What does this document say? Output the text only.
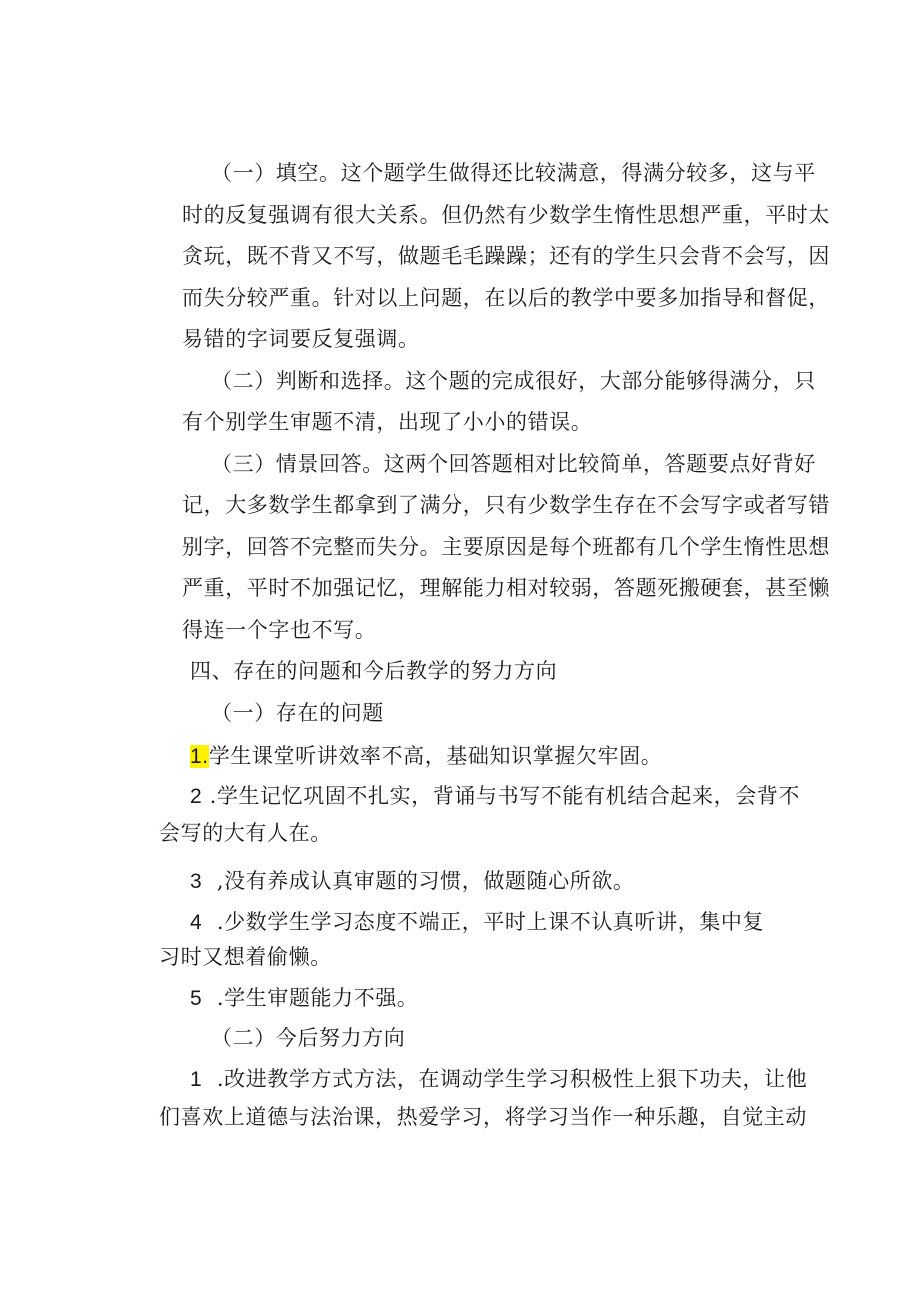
（一）填空。这个题学生做得还比较满意，得满分较多，这与平
时的反复强调有很大关系。但仍然有少数学生惰性思想严重，平时太
贪玩，既不背又不写，做题毛毛躁躁；还有的学生只会背不会写，因
而失分较严重。针对以上问题，在以后的教学中要多加指导和督促，
易错的字词要反复强调。
（二）判断和选择。这个题的完成很好，大部分能够得满分，只
有个别学生审题不清，出现了小小的错误。
（三）情景回答。这两个回答题相对比较简单，答题要点好背好
记，大多数学生都拿到了满分，只有少数学生存在不会写字或者写错
别字，回答不完整而失分。主要原因是每个班都有几个学生惰性思想
严重，平时不加强记忆，理解能力相对较弱，答题死搬硬套，甚至懒
得连一个字也不写。
四、存在的问题和今后教学的努力方向
（一）存在的问题
1.学生课堂听讲效率不高，基础知识掌握欠牢固。
2 .学生记忆巩固不扎实，背诵与书写不能有机结合起来，会背不
会写的大有人在。
3 ,没有养成认真审题的习惯，做题随心所欲。
4 .少数学生学习态度不端正，平时上课不认真听讲，集中复
习时又想着偷懒。
5 .学生审题能力不强。
（二）今后努力方向
1 .改进教学方式方法，在调动学生学习积极性上狠下功夫，让他
们喜欢上道德与法治课，热爱学习，将学习当作一种乐趣，自觉主动
